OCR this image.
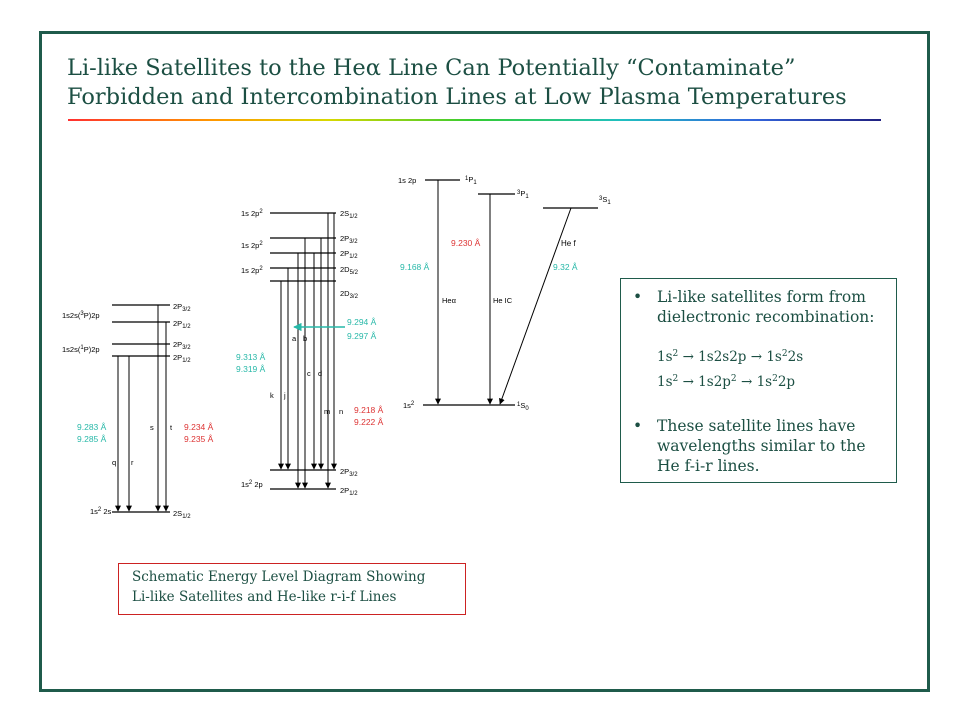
Li-like Satellites to the Heα Line Can Potentially “Contaminate”
Forbidden and Intercombination Lines at Low Plasma Temperatures
$2P_{3/2}$
$2P_{1/2}$
$2P_{3/2}$
$2P_{1/2}$
$2S_{1/2}$
1s2s($^3$P)2p
1s2s($^1$P)2p
$1s^2$ 2s
q r
s t
9.283 Å
9.285 Å
9.234 Å
9.235 Å
$2S_{1/2}$
$2P_{3/2}$
$2P_{1/2}$
$2D_{5/2}$
$2D_{3/2}$
$2P_{3/2}$
$2P_{1/2}$
1s $2p^2$
1s $2p^2$
1s $2p^2$
$1s^2$ 2p
a b
c d
k j
m n
9.313 Å
9.319 Å
9.294 Å
9.297 Å
9.218 Å
9.222 Å
$^1P_1$
$^3P_1$	$^3S_1$
$^1S_0$
1s 2p
$1s^2$
Heα	He IC
He f
9.168 Å
9.230 Å
9.32 Å
• Li-like satellites form from dielectronic recombination:
$1s^2 \to 1s2s2p \to 1s^22s$
$1s^2 \to 1s2p^2 \to 1s^22p$
• These satellite lines have wavelengths similar to the He f-i-r lines.
Schematic Energy Level Diagram Showing
Li-like Satellites and He-like r-i-f Lines
